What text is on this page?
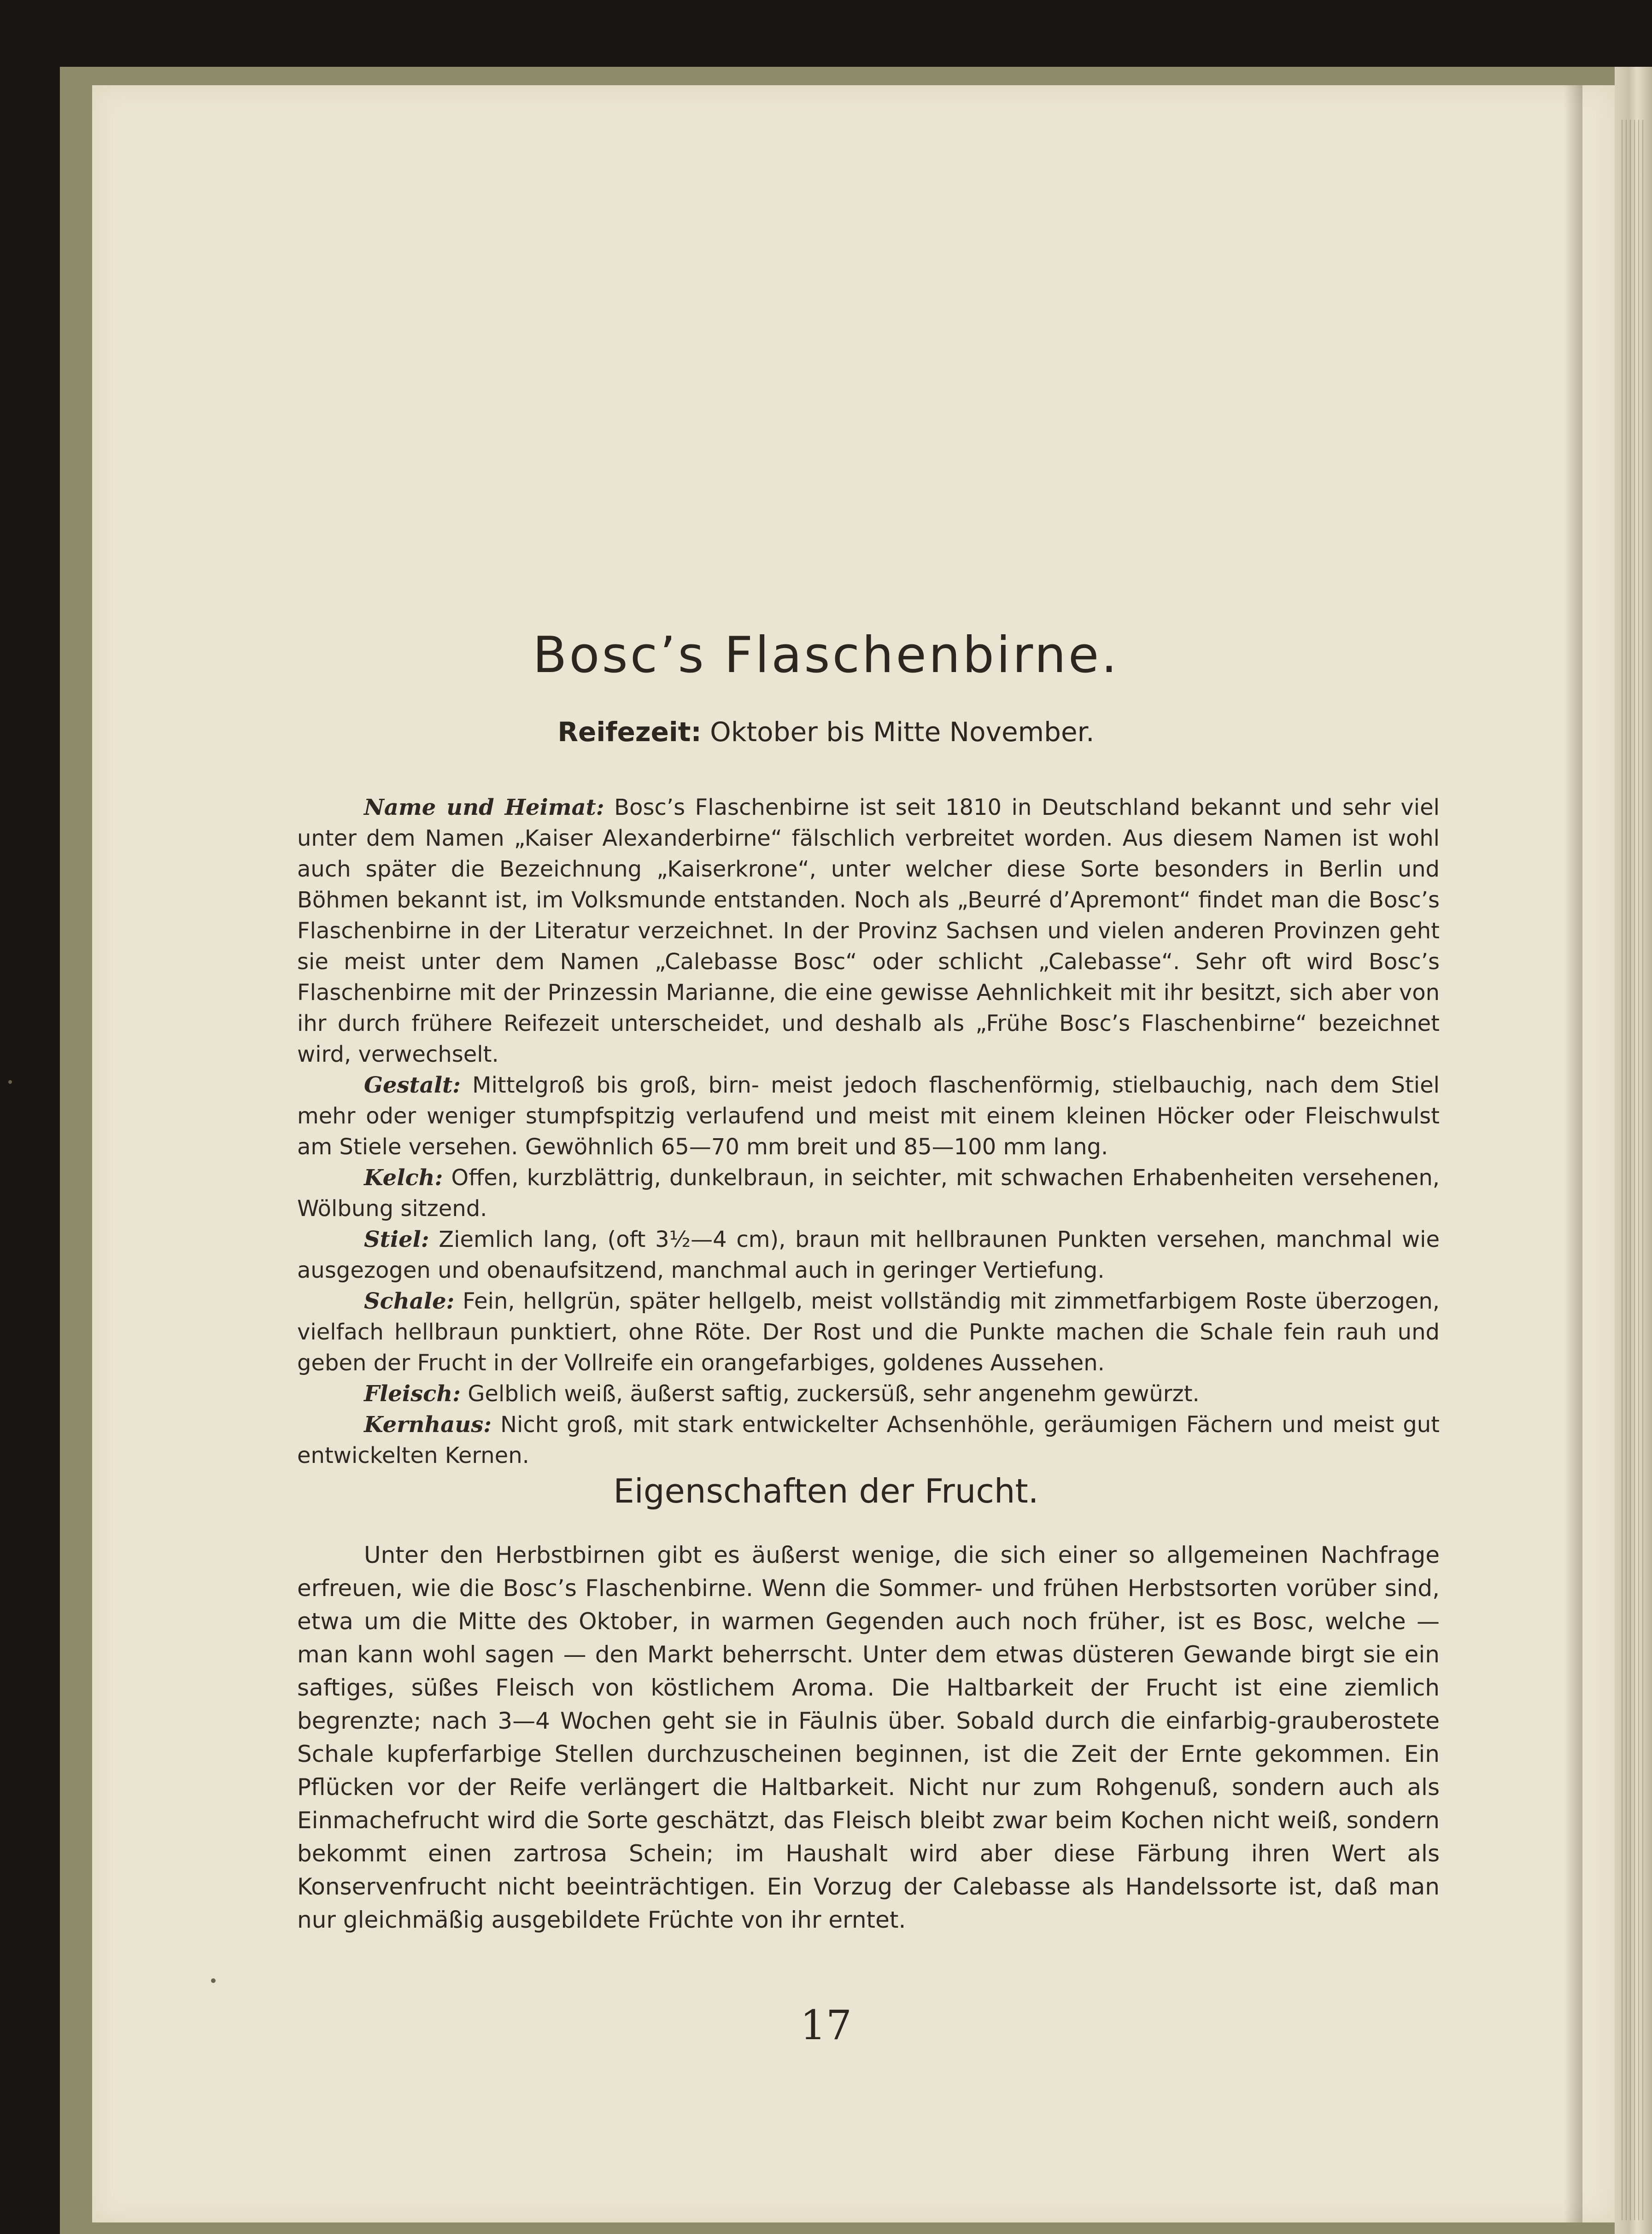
Bosc’s Flaschenbirne.
Reifezeit: Oktober bis Mitte November.

Name und Heimat: Bosc’s Flaschenbirne ist seit 1810 in Deutschland bekannt und sehr viel unter dem Namen „Kaiser Alexanderbirne“ fälschlich verbreitet worden. Aus diesem Namen ist wohl auch später die Bezeichnung „Kaiserkrone“, unter welcher diese Sorte besonders in Berlin und Böhmen bekannt ist, im Volksmunde entstanden. Noch als „Beurré d’Apremont“ findet man die Bosc’s Flaschenbirne in der Literatur verzeichnet. In der Provinz Sachsen und vielen anderen Provinzen geht sie meist unter dem Namen „Calebasse Bosc“ oder schlicht „Calebasse“. Sehr oft wird Bosc’s Flaschenbirne mit der Prinzessin Marianne, die eine gewisse Aehnlichkeit mit ihr besitzt, sich aber von ihr durch frühere Reifezeit unterscheidet, und deshalb als „Frühe Bosc’s Flaschenbirne“ bezeichnet wird, verwechselt.

Gestalt: Mittelgroß bis groß, birn- meist jedoch flaschenförmig, stielbauchig, nach dem Stiel mehr oder weniger stumpfspitzig verlaufend und meist mit einem kleinen Höcker oder Fleischwulst am Stiele versehen. Gewöhnlich 65—70 mm breit und 85—100 mm lang.

Kelch: Offen, kurzblättrig, dunkelbraun, in seichter, mit schwachen Erhabenheiten versehenen, Wölbung sitzend.

Stiel: Ziemlich lang, (oft 3½—4 cm), braun mit hellbraunen Punkten versehen, manchmal wie ausgezogen und obenaufsitzend, manchmal auch in geringer Vertiefung.

Schale: Fein, hellgrün, später hellgelb, meist vollständig mit zimmetfarbigem Roste überzogen, vielfach hellbraun punktiert, ohne Röte. Der Rost und die Punkte machen die Schale fein rauh und geben der Frucht in der Vollreife ein orangefarbiges, goldenes Aussehen.

Fleisch: Gelblich weiß, äußerst saftig, zuckersüß, sehr angenehm gewürzt.

Kernhaus: Nicht groß, mit stark entwickelter Achsenhöhle, geräumigen Fächern und meist gut entwickelten Kernen.

Eigenschaften der Frucht.

Unter den Herbstbirnen gibt es äußerst wenige, die sich einer so allgemeinen Nachfrage erfreuen, wie die Bosc’s Flaschenbirne. Wenn die Sommer- und frühen Herbstsorten vorüber sind, etwa um die Mitte des Oktober, in warmen Gegenden auch noch früher, ist es Bosc, welche — man kann wohl sagen — den Markt beherrscht. Unter dem etwas düsteren Gewande birgt sie ein saftiges, süßes Fleisch von köstlichem Aroma. Die Haltbarkeit der Frucht ist eine ziemlich begrenzte; nach 3—4 Wochen geht sie in Fäulnis über. Sobald durch die einfarbig-grauberostete Schale kupferfarbige Stellen durchzuscheinen beginnen, ist die Zeit der Ernte gekommen. Ein Pflücken vor der Reife verlängert die Haltbarkeit. Nicht nur zum Rohgenuß, sondern auch als Einmachefrucht wird die Sorte geschätzt, das Fleisch bleibt zwar beim Kochen nicht weiß, sondern bekommt einen zartrosa Schein; im Haushalt wird aber diese Färbung ihren Wert als Konservenfrucht nicht beeinträchtigen. Ein Vorzug der Calebasse als Handelssorte ist, daß man nur gleichmäßig ausgebildete Früchte von ihr erntet.

17
